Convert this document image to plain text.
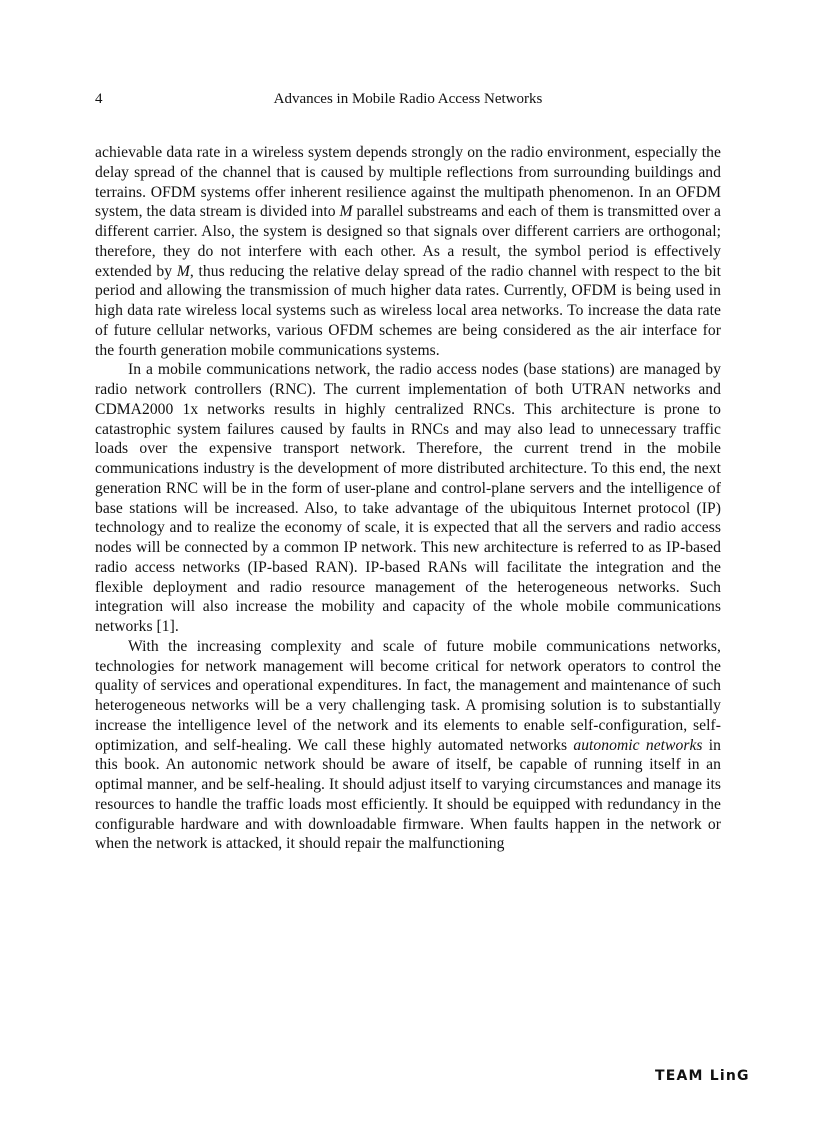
4	Advances in Mobile Radio Access Networks

achievable data rate in a wireless system depends strongly on the radio environment, especially the delay spread of the channel that is caused by multiple reflections from surrounding buildings and terrains. OFDM systems offer inherent resilience against the multipath phenomenon. In an OFDM system, the data stream is divided into M parallel substreams and each of them is transmitted over a different carrier. Also, the system is designed so that signals over different carriers are orthogonal; therefore, they do not interfere with each other. As a result, the symbol period is effectively extended by M, thus reducing the relative delay spread of the radio channel with respect to the bit period and allowing the transmission of much higher data rates. Currently, OFDM is being used in high data rate wireless local systems such as wireless local area networks. To increase the data rate of future cellular networks, various OFDM schemes are being considered as the air interface for the fourth generation mobile communications systems.

In a mobile communications network, the radio access nodes (base stations) are managed by radio network controllers (RNC). The current implementation of both UTRAN networks and CDMA2000 1x networks results in highly centralized RNCs. This architecture is prone to catastrophic system failures caused by faults in RNCs and may also lead to unnecessary traffic loads over the expensive transport network. Therefore, the current trend in the mobile communications industry is the development of more distributed architecture. To this end, the next generation RNC will be in the form of user-plane and control-plane servers and the intelligence of base stations will be increased. Also, to take advantage of the ubiquitous Internet protocol (IP) technology and to realize the economy of scale, it is expected that all the servers and radio access nodes will be connected by a common IP network. This new architecture is referred to as IP-based radio access networks (IP-based RAN). IP-based RANs will facilitate the integration and the flexible deployment and radio resource management of the heterogeneous networks. Such integration will also increase the mobility and capacity of the whole mobile communications networks [1].

With the increasing complexity and scale of future mobile communications networks, technologies for network management will become critical for network operators to control the quality of services and operational expenditures. In fact, the management and maintenance of such heterogeneous networks will be a very challenging task. A promising solution is to substantially increase the intelligence level of the network and its elements to enable self-configuration, self-optimization, and self-healing. We call these highly automated networks autonomic networks in this book. An autonomic network should be aware of itself, be capable of running itself in an optimal manner, and be self-healing. It should adjust itself to varying circumstances and manage its resources to handle the traffic loads most efficiently. It should be equipped with redundancy in the configurable hardware and with downloadable firmware. When faults happen in the network or when the network is attacked, it should repair the malfunctioning

TEAM LinG
